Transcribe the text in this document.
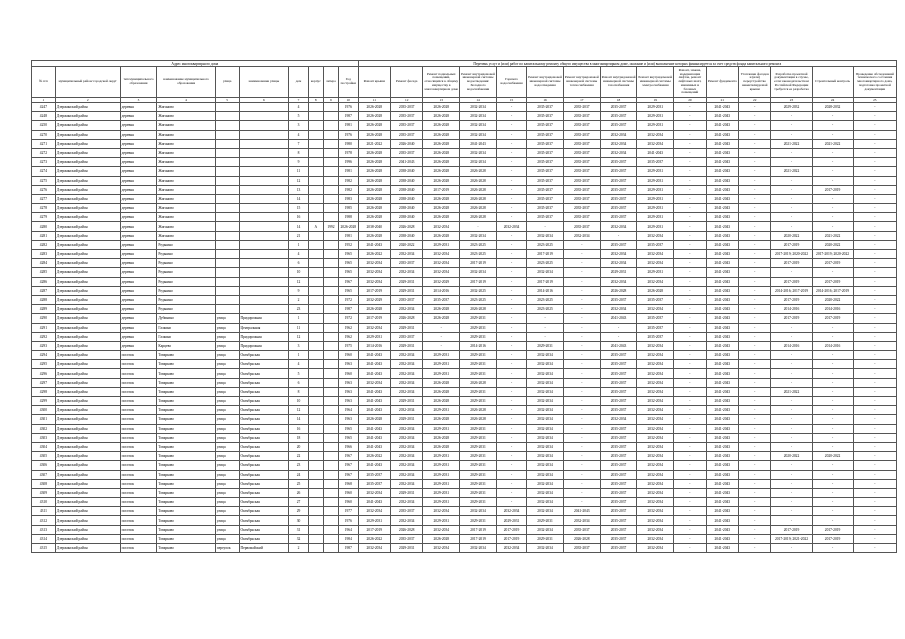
Адрес многоквартирного дома										Перечень услуг и (или) работ по капитальному ремонту общего имущества в многоквартирном доме, оказание и (или) выполнение которых финансируется за счет средств фонда капитального ремонта														
№ п/п	муниципальный район/ городской округ	тип муниципального образования	наименование муниципального образования	улица	наименование улицы	дом	корпус	литера	Год постройки	Ремонт крыши	Ремонт фасада	Ремонт подвальных помещений, относящихся к общему имуществу в многоквартирном доме	Ремонт внутридомовой инженерной системы водоотведения: Холодного водоснабжения	Горячего водоснабжения	Ремонт внутридомовой инженерной системы водоотведения	Ремонт внутридомовой инженерной системы теплоснабжения	Ремонт внутридомовой инженерной системы газоснабжения	Ремонт внутридомовой инженерной системы электроснабжения	Ремонт, замена, модернизация лифтов, ремонт лифтовых шахт, машинных и блочных помещений	Ремонт фундамента	Утепление фасадов и (или) переустройство невентилируемой крыши	Разработка проектной документации в случае, если законодательством Российской Федерации требуется ее разработка	Строительный контроль	Проведение обследований технического состояния многоквартирного дома, подготовка проектной документации
1	2	3	4	5	6	7	8	9	10	11	12	13	14	15	16	17	18	19	20	21	22	23	24	25
4247	Дзержинский район	деревня	Жиганово			4			1976	2026-2028	2035-2037	2026-2028	2032-2034	-	2035-2037	2035-2037	2035-2037	2029-2031	-	2041-2043	-	2029-2032	2028-2032	-
4248	Дзержинский район	деревня	Жиганово			5			1987	2026-2028	2035-2037	2026-2028	2032-2034	-	2035-2037	2035-2037	2035-2037	2029-2031	-	2041-2043	-	-	-	-
4250	Дзержинский район	деревня	Жиганово			3			1981	2026-2028	2035-2037	2026-2028	2032-2034	-	2035-2037	2035-2037	2035-2037	2029-2031	-	2041-2043	-	-	-	-
4270	Дзержинский район	деревня	Жиганово			4			1976	2026-2028	2035-2037	2026-2028	2032-2034	-	2035-2037	2035-2037	2032-2034	2032-2034	-	2041-2043	-	-	-	-
4271	Дзержинский район	деревня	Жиганово			7			1980	2021-2022	2026-2040	2026-2028	2041-2043	-	2035-2037	2035-2037	2032-2034	2032-2034	-	2041-2043	-	2021-2022	2021-2022	-
4272	Дзержинский район	деревня	Жиганово			8			1978	2026-2028	2035-2037	2026-2028	2032-2034	-	2035-2037	2035-2037	2032-2034	2041-2043	-	2041-2043	-	-	-	-
4273	Дзержинский район	деревня	Жиганово			9			1996	2026-2028	2041-2043	2026-2028	2032-2034	-	2035-2037	2035-2037	2035-2037	2035-2037	-	2041-2043	-	-	-	-
4274	Дзержинский район	деревня	Жиганово			11			1981	2026-2028	2038-2040	2026-2028	2026-2028	-	2035-2037	2035-2037	2035-2037	2029-2031	-	2041-2043	-	2021-2022	-	-
4275	Дзержинский район	деревня	Жиганово			12			1982	2026-2028	2038-2040	2026-2028	2026-2028	-	2035-2037	2035-2037	2035-2037	2029-2031	-	2041-2043	-	-	-	-
4276	Дзержинский район	деревня	Жиганово			13			1982	2026-2028	2038-2040	2017-2019	2026-2028	-	2035-2037	2035-2037	2035-2037	2029-2031	-	2041-2043	-	-	2017-2019	-
4277	Дзержинский район	деревня	Жиганово			14			1983	2026-2028	2038-2040	2026-2028	2026-2028	-	2035-2037	2035-2037	2035-2037	2029-2031	-	2041-2043	-	-	-	-
4278	Дзержинский район	деревня	Жиганово			15			1985	2026-2028	2038-2040	2026-2028	2026-2028	-	2035-2037	2035-2037	2035-2037	2029-2031	-	2041-2043	-	-	-	-
4279	Дзержинский район	деревня	Жиганово			16			1988	2026-2028	2038-2040	2026-2028	2026-2028	-	2035-2037	2035-2037	2035-2037	2029-2031	-	2041-2043	-	-	-	-
4280	Дзержинский район	деревня	Жиганово			14	А	1992	2026-2028	2038-2040	2026-2028	2032-2034	-	2032-2034	-	2035-2037	2032-2034	2029-2031	-	2041-2043	-	-	-	-
4281	Дзержинский район	деревня	Жиганово			21			1981	2026-2028	2038-2040	2026-2028	2032-2034	-	2032-2034	2032-2034	-	2032-2034	-	2041-2043	-	2020-2022	2021-2022	-
4282	Дзержинский район	деревня	Редькино			1			1952	2041-2043	2020-2022	2029-2031	2023-2025	-	2023-2025	-	2035-2037	2035-2037	-	2041-2043	-	2017-2019	2020-2022	-
4283	Дзержинский район	деревня	Редькино			4			1965	2026-2022	2032-2034	2032-2034	2023-2025	-	2017-2019	-	2032-2034	2032-2034	-	2041-2043	-	2017-2019; 2020-2022	2017-2019; 2020-2022	-
4284	Дзержинский район	деревня	Редькино			6			1965	2032-2034	2035-2037	2032-2034	2017-2019	-	2023-2025	-	2032-2034	2032-2034	-	2041-2043	-	2017-2019	2017-2019	-
4285	Дзержинский район	деревня	Редькино			10			1965	2032-2034	2032-2034	2032-2034	2032-2034	-	2032-2034	-	2029-2031	2029-2031	-	2041-2043	-	-	-	-
4286	Дзержинский район	деревня	Редькино			12			1967	2032-2034	2029-2031	2032-2029	2017-2019	-	2017-2019	-	2032-2034	2032-2034	-	2041-2043	-	2017-2019	2017-2019	-
4287	Дзержинский район	деревня	Редькино			9			1965	2017-2019	2029-2031	2014-2016	2032-2025	-	2014-2016	-	2026-2028	2026-2028	-	2041-2043	-	2014-2016; 2017-2019	2014-2016; 2017-2019	-
4288	Дзержинский район	деревня	Редькино			2			1972	2032-2029	2035-2037	2035-2037	2023-2025	-	2023-2025	-	2035-2037	2035-2037	-	2041-2043	-	2017-2019	2020-2022	-
4289	Дзержинский район	деревня	Редькино			23			1987	2026-2028	2032-2034	2026-2028	2026-2028	-	2023-2025	-	2032-2034	2032-2034	-	2041-2043	-	2014-2016	2014-2016	-
4290	Дзержинский район	деревня	Дубинино	улица	Придорожная	1			1972	2017-2019	2026-2028	2026-2028	2029-2031	-	-	-	2041-2043	2035-2037	-	2041-2043	-	2017-2019	2017-2019	-
4291	Дзержинский район	деревня	Галкино	улица	Центральная	11			1962	2032-2034	2029-2031	-	2029-2031	-	-	-	-	2035-2037	-	2041-2043	-	-	-	-
4292	Дзержинский район	деревня	Галкино	улица	Придорожная	12			1962	2029-2031	2035-2037	-	2029-2031	-	-	-	-	2035-2037	-	2041-2043	-	-	-	-
4293	Дзержинский район	деревня	Карцево	улица	Придорожная	3			1975	2014-2016	2029-2031	-	2014-2016	-	2029-2031	-	2041-2043	2032-2034	-	2041-2043	-	2014-2016	2014-2016	-
4294	Дзержинский район	поселок	Товарково	улица	Октябрьская	1			1960	2041-2043	2032-2034	2029-2031	2029-2031	-	2032-2034	-	2035-2037	2032-2034	-	2041-2043	-	-	-	-
4295	Дзержинский район	поселок	Товарково	улица	Октябрьская	4			1963	2041-2043	2032-2034	2029-2031	2029-2031	-	2032-2034	-	2035-2037	2032-2034	-	2041-2043	-	-	-	-
4296	Дзержинский район	поселок	Товарково	улица	Октябрьская	5			1960	2041-2043	2032-2034	2029-2031	2029-2031	-	2032-2034	-	2035-2037	2032-2034	-	2041-2043	-	-	-	-
4297	Дзержинский район	поселок	Товарково	улица	Октябрьская	6			1963	2032-2034	2032-2034	2026-2028	2026-2028	-	2032-2034	-	2035-2037	2032-2034	-	2041-2043	-	-	-	-
4298	Дзержинский район	поселок	Товарково	улица	Октябрьская	8			1963	2041-2043	2032-2034	2026-2028	2029-2031	-	2032-2034	-	2035-2037	2032-2034	-	2041-2043	-	2021-2022	-	-
4299	Дзержинский район	поселок	Товарково	улица	Октябрьская	10			1963	2041-2043	2029-2031	2026-2028	2029-2031	-	2032-2034	-	2035-2037	2032-2034	-	2041-2043	-	-	-	-
4300	Дзержинский район	поселок	Товарково	улица	Октябрьская	12			1964	2041-2043	2032-2034	2029-2031	2026-2028	-	2032-2034	-	2035-2037	2032-2034	-	2041-2043	-	-	-	-
4301	Дзержинский район	поселок	Товарково	улица	Октябрьская	14			1963	2026-2028	2029-2031	2026-2028	2026-2028	-	2032-2034	-	2032-2034	2032-2034	-	2041-2043	-	-	-	-
4302	Дзержинский район	поселок	Товарково	улица	Октябрьская	16			1965	2041-2043	2032-2034	2029-2031	2029-2031	-	2032-2034	-	2035-2037	2032-2034	-	2041-2043	-	-	-	-
4303	Дзержинский район	поселок	Товарково	улица	Октябрьская	18			1965	2041-2043	2032-2034	2026-2028	2029-2031	-	2032-2034	-	2035-2037	2032-2034	-	2041-2043	-	-	-	-
4304	Дзержинский район	поселок	Товарково	улица	Октябрьская	20			1966	2041-2043	2032-2034	2026-2028	2029-2031	-	2032-2034	-	2035-2037	2032-2034	-	2041-2043	-	-	-	-
4305	Дзержинский район	поселок	Товарково	улица	Октябрьская	22			1967	2026-2022	2032-2034	2029-2031	2029-2031	-	2032-2034	-	2035-2037	2032-2034	-	2041-2043	-	2020-2022	2020-2022	-
4306	Дзержинский район	поселок	Товарково	улица	Октябрьская	23			1967	2041-2043	2032-2034	2029-2031	2029-2031	-	2032-2034	-	2035-2037	2032-2034	-	2041-2043	-	-	-	-
4307	Дзержинский район	поселок	Товарково	улица	Октябрьская	24			1967	2035-2037	2032-2034	2029-2031	2029-2031	-	2032-2034	-	2035-2037	2032-2034	-	2041-2043	-	-	-	-
4308	Дзержинский район	поселок	Товарково	улица	Октябрьская	25			1968	2035-2037	2032-2034	2029-2031	2029-2031	-	2032-2034	-	2035-2037	2032-2034	-	2041-2043	-	-	-	-
4309	Дзержинский район	поселок	Товарково	улица	Октябрьская	26			1960	2032-2034	2029-2031	2029-2031	2029-2031	-	2032-2034	-	2035-2037	2032-2034	-	2041-2043	-	-	-	-
4310	Дзержинский район	поселок	Товарково	улица	Октябрьская	27			1960	2041-2043	2032-2034	2029-2031	2029-2031	-	2032-2034	-	2035-2037	2032-2034	-	2041-2043	-	-	-	-
4311	Дзержинский район	поселок	Товарково	улица	Октябрьская	29			1977	2032-2034	2035-2037	2032-2034	2032-2034	2032-2034	2032-2034	2041-2043	2035-2037	2032-2034	-	2041-2043	-	-	-	-
4312	Дзержинский район	поселок	Товарково	улица	Октябрьская	30			1976	2029-2031	2032-2034	2029-2031	2029-2031	2029-2031	2029-2031	2032-2034	2035-2037	2032-2034	-	2041-2043	-	-	-	-
4313	Дзержинский район	поселок	Товарково	улица	Октябрьская	31			1964	2017-2019	2026-2028	2032-2034	2017-2019	2017-2019	2032-2034	2035-2037	2035-2037	2032-2034	-	2041-2043	-	2017-2019	2017-2019	-
4314	Дзержинский район	поселок	Товарково	улица	Октябрьская	32			1984	2026-2022	2035-2037	2026-2028	2017-2019	2017-2019	2029-2031	2026-2028	2035-2037	2032-2034	-	2041-2043	-	2017-2019; 2021-2022	2017-2019	-
4315	Дзержинский район	поселок	Товарково	переулок	Первомайский	2			1987	2032-2034	2029-2031	2032-2034	2032-2034	2032-2034	2032-2034	2035-2037	2035-2037	2032-2034	-	2041-2043	-	-	-	-
